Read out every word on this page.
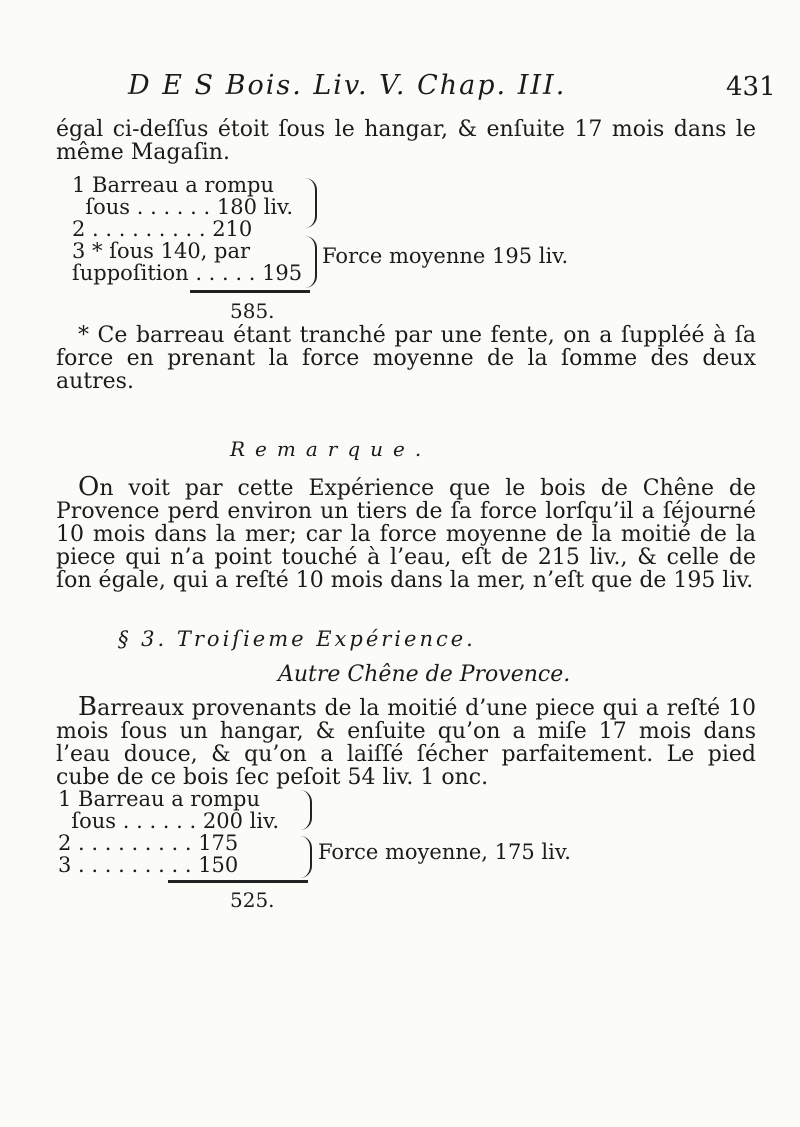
D E S Bois. Liv. V. Chap. III.	431

égal ci-deſſus étoit ſous le hangar, & enſuite 17 mois dans le même Magaſin.

1 Barreau a rompu
ſous . . . . . . 180 liv.
2 . . . . . . . . . 210
3 * ſous 140, par
ſuppoſition . . . . . 195
Force moyenne 195 liv.
585.

* Ce barreau étant tranché par une fente, on a ſuppléé à ſa force en prenant la force moyenne de la ſomme des deux autres.

Remarque.

On voit par cette Expérience que le bois de Chêne de Provence perd environ un tiers de ſa force lorſqu’il a ſéjourné 10 mois dans la mer; car la force moyenne de la moitié de la piece qui n’a point touché à l’eau, eſt de 215 liv., & celle de ſon égale, qui a reſté 10 mois dans la mer, n’eſt que de 195 liv.

§ 3. Troiſieme Expérience.
Autre Chêne de Provence.

Barreaux provenants de la moitié d’une piece qui a reſté 10 mois ſous un hangar, & enſuite qu’on a miſe 17 mois dans l’eau douce, & qu’on a laiſſé ſécher parfaitement. Le pied cube de ce bois ſec peſoit 54 liv. 1 onc.

1 Barreau a rompu
ſous . . . . . . 200 liv.
2 . . . . . . . . . 175
3 . . . . . . . . . 150
Force moyenne, 175 liv.
525.
